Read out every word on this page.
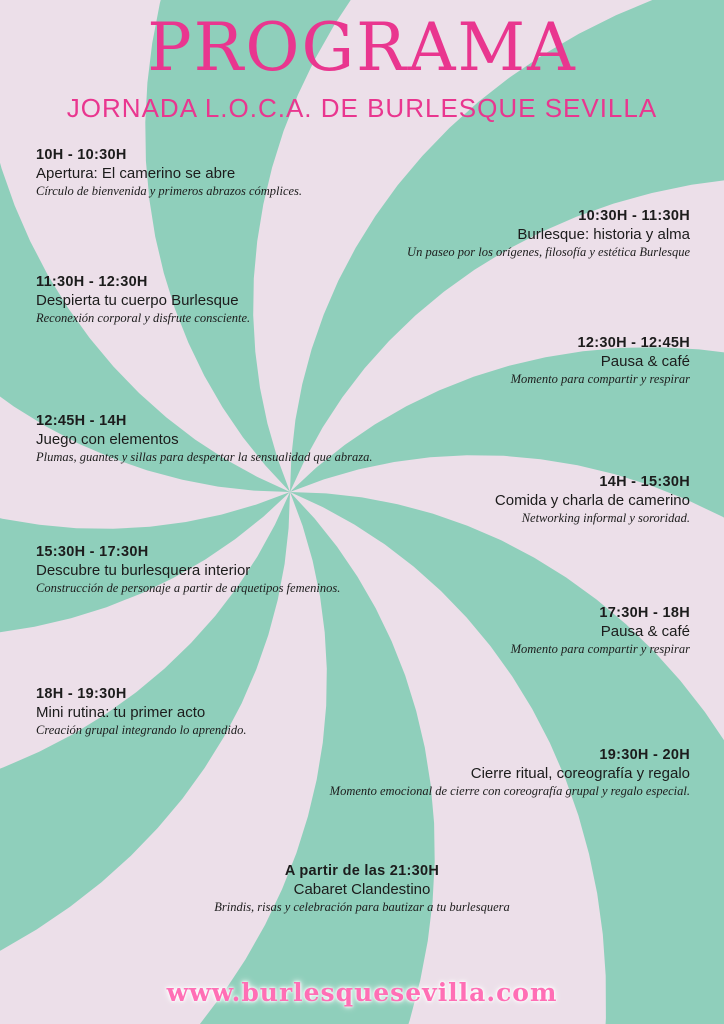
PROGRAMA
JORNADA L.O.C.A. DE BURLESQUE SEVILLA
10H - 10:30H
Apertura: El camerino se abre
Círculo de bienvenida y primeros abrazos cómplices.
10:30H - 11:30H
Burlesque: historia y alma
Un paseo por los orígenes, filosofía y estética Burlesque
11:30H - 12:30H
Despierta tu cuerpo Burlesque
Reconexión corporal y disfrute consciente.
12:30H - 12:45H
Pausa & café
Momento para compartir y respirar
12:45H - 14H
Juego con elementos
Plumas, guantes y sillas para despertar la sensualidad que abraza.
14H - 15:30H
Comida y charla de camerino
Networking informal y sororidad.
15:30H - 17:30H
Descubre tu burlesquera interior
Construcción de personaje a partir de arquetipos femeninos.
17:30H - 18H
Pausa & café
Momento para compartir y respirar
18H - 19:30H
Mini rutina: tu primer acto
Creación grupal integrando lo aprendido.
19:30H - 20H
Cierre ritual, coreografía y regalo
Momento emocional de cierre con coreografía grupal y regalo especial.
A partir de las 21:30H
Cabaret Clandestino
Brindis, risas y celebración para bautizar a tu burlesquera
www.burlesquesevilla.com
